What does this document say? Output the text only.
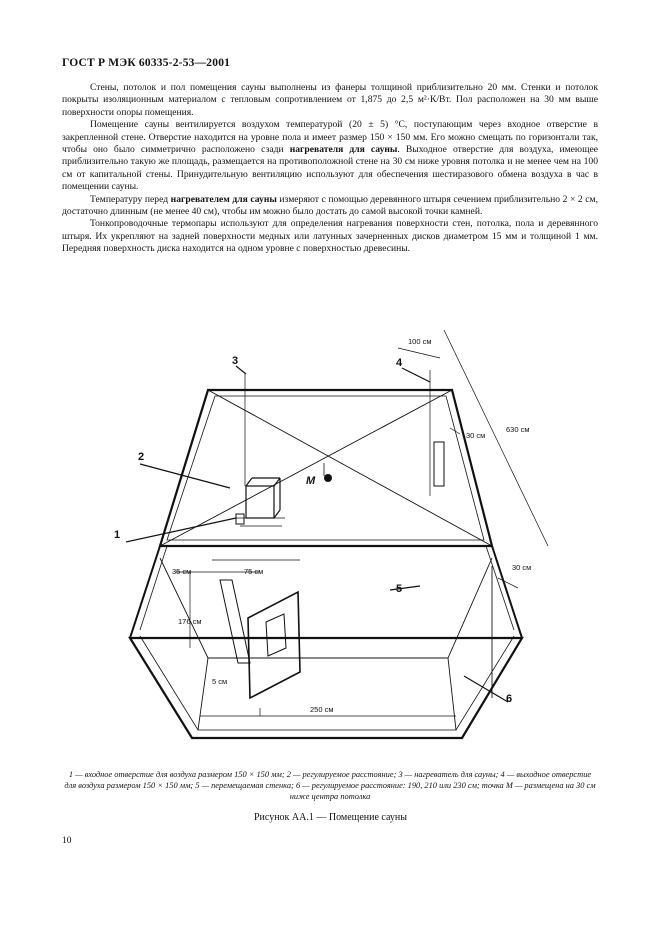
ГОСТ Р МЭК 60335-2-53—2001

Стены, потолок и пол помещения сауны выполнены из фанеры толщиной приблизительно 20 мм. Стенки и потолок покрыты изоляционным материалом с тепловым сопротивлением от 1,875 до 2,5 м²·К/Вт. Пол расположен на 30 мм выше поверхности опоры помещения.

Помещение сауны вентилируется воздухом температурой (20 ± 5) °С, поступающим через входное отверстие в закрепленной стене. Отверстие находится на уровне пола и имеет размер 150 × 150 мм. Его можно смещать по горизонтали так, чтобы оно было симметрично расположено сзади нагревателя для сауны. Выходное отверстие для воздуха, имеющее приблизительно такую же площадь, размещается на противоположной стене на 30 см ниже уровня потолка и не менее чем на 100 см от капитальной стены. Принудительную вентиляцию используют для обеспечения шестиразового обмена воздуха в час в помещении сауны.

Температуру перед нагревателем для сауны измеряют с помощью деревянного штыря сечением приблизительно 2 × 2 см, достаточно длинным (не менее 40 см), чтобы им можно было достать до самой высокой точки камней.

Тонкопроводочные термопары используют для определения нагревания поверхности стен, потолка, пола и деревянного штыря. Их укрепляют на задней поверхности медных или латунных зачерненных дисков диаметром 15 мм и толщиной 1 мм. Передняя поверхность диска находится на одном уровне с поверхностью древесины.

1
2
3	4
5
6
M
100 см
30 см
630 см
30 см
35 см	75 см
176 см
5 см
250 см
1 — входное отверстие для воздуха размером 150 × 150 мм; 2 — регулируемое расстояние; 3 — нагреватель для сауны; 4 — выходное отверстие для воздуха размером 150 × 150 мм; 5 — перемещаемая стенка; 6 — регулируемое расстояние: 190, 210 или 230 см; точка М — размещена на 30 см ниже центра потолка
Рисунок АА.1 — Помещение сауны
10
